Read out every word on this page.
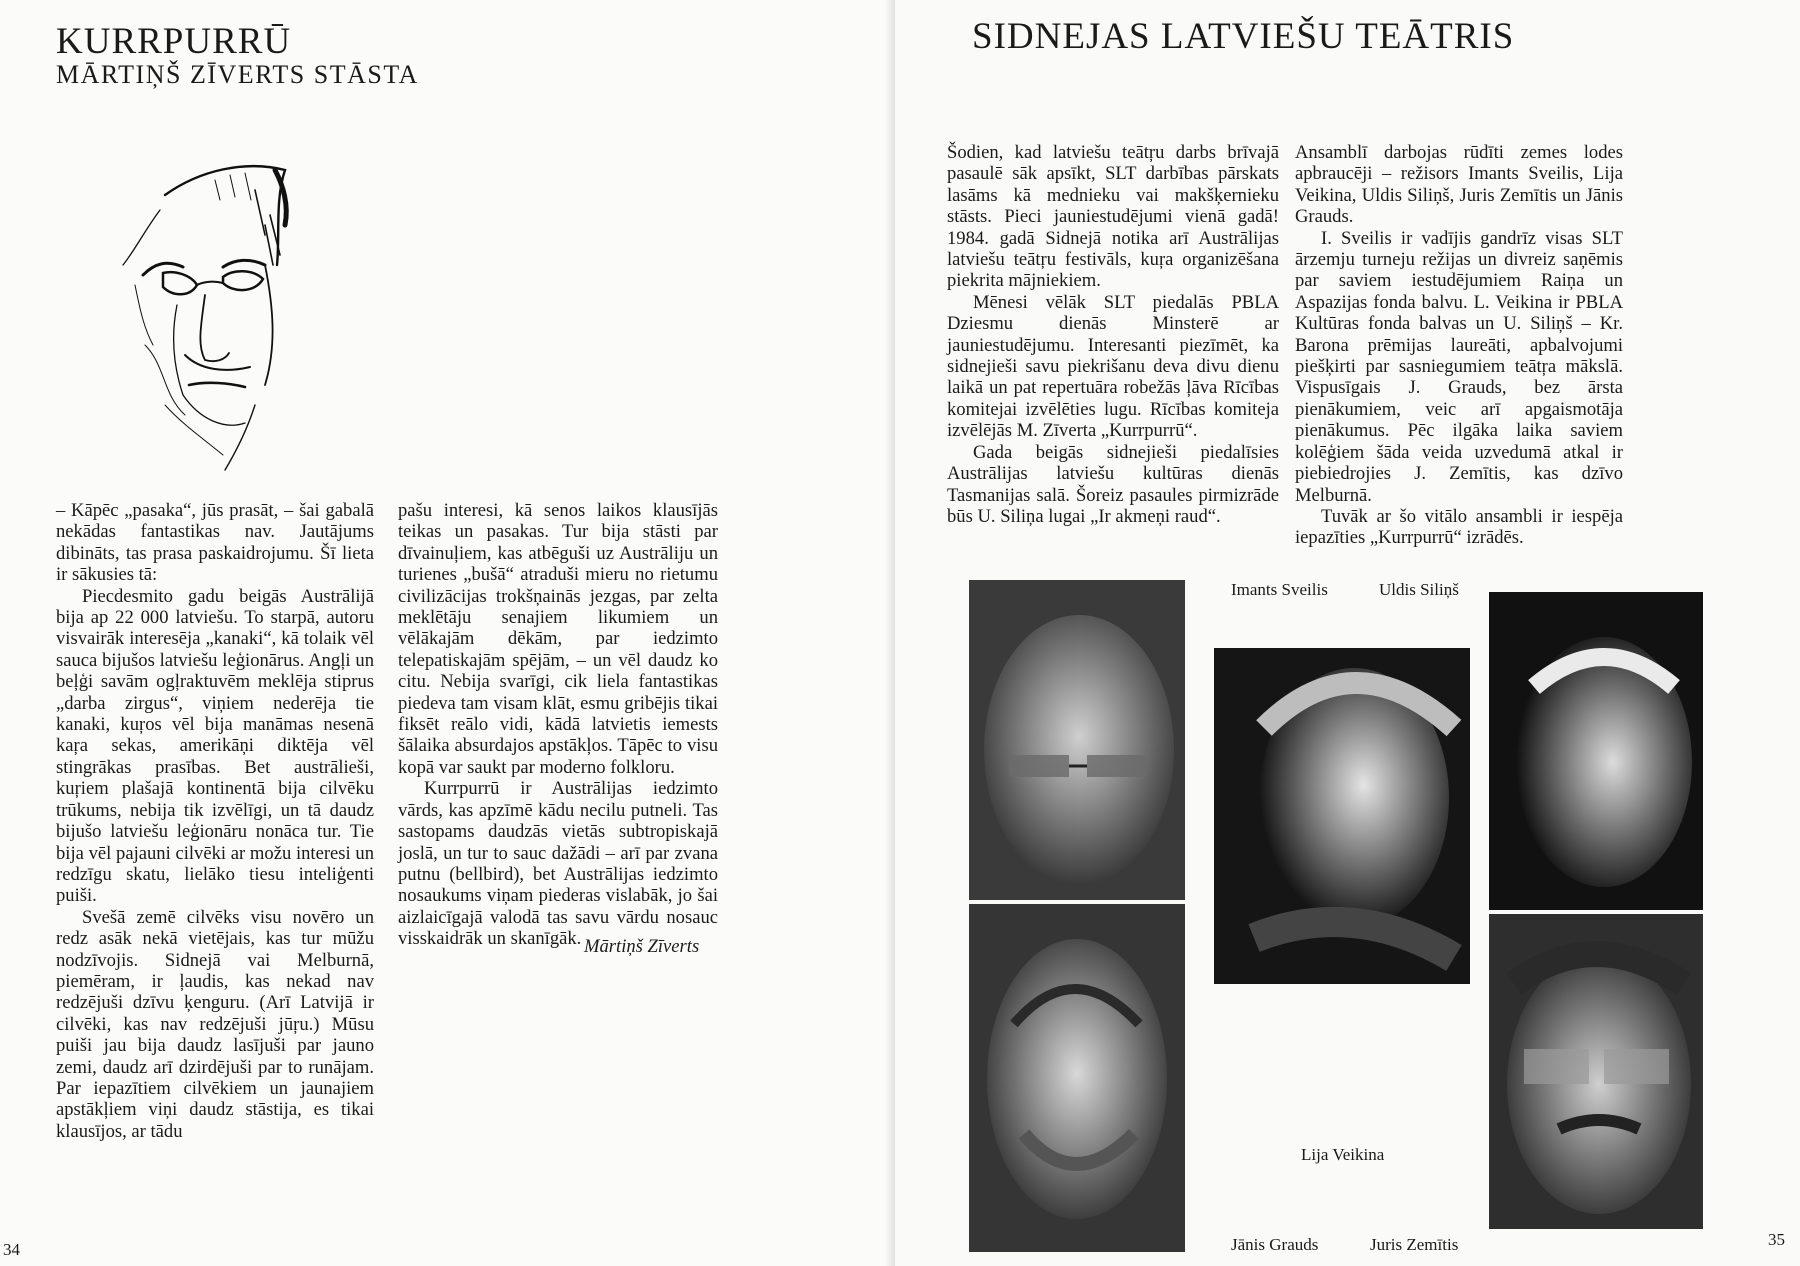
KURRPURRŪ
MĀRTIŅŠ ZĪVERTS STĀSTA

– Kāpēc „pasaka“, jūs prasāt, – šai gabalā nekādas fantastikas nav. Jautājums dibināts, tas prasa paskaidrojumu. Šī lieta ir sākusies tā:

Piecdesmito gadu beigās Austrālijā bija ap 22 000 latviešu. To starpā, autoru visvairāk interesēja „kanaki“, kā tolaik vēl sauca bijušos latviešu leģionārus. Angļi un beļģi savām ogļraktuvēm meklēja stiprus „darba zirgus“, viņiem nederēja tie kanaki, kuŗos vēl bija manāmas nesenā kaŗa sekas, amerikāņi diktēja vēl stingrākas prasības. Bet austrālieši, kuŗiem plašajā kontinentā bija cilvēku trūkums, nebija tik izvēlīgi, un tā daudz bijušo latviešu leģionāru nonāca tur. Tie bija vēl pajauni cilvēki ar možu interesi un redzīgu skatu, lielāko tiesu inteliģenti puiši.

Svešā zemē cilvēks visu novēro un redz asāk nekā vietējais, kas tur mūžu nodzīvojis. Sidnejā vai Melburnā, piemēram, ir ļaudis, kas nekad nav redzējuši dzīvu ķenguru. (Arī Latvijā ir cilvēki, kas nav redzējuši jūŗu.) Mūsu puiši jau bija daudz lasījuši par jauno zemi, daudz arī dzirdējuši par to runājam. Par iepazītiem cilvēkiem un jaunajiem apstākļiem viņi daudz stāstija, es tikai klausījos, ar tādu

pašu interesi, kā senos laikos klausījās teikas un pasakas. Tur bija stāsti par dīvainuļiem, kas atbēguši uz Austrāliju un turienes „bušā“ atraduši mieru no rietumu civilizācijas trokšņainās jezgas, par zelta meklētāju senajiem likumiem un vēlākajām dēkām, par iedzimto telepatiskajām spējām, – un vēl daudz ko citu. Nebija svarīgi, cik liela fantastikas piedeva tam visam klāt, esmu gribējis tikai fiksēt reālo vidi, kādā latvietis iemests šālaika absurdajos apstākļos. Tāpēc to visu kopā var saukt par moderno folkloru.

Kurrpurrū ir Austrālijas iedzimto vārds, kas apzīmē kādu necilu putneli. Tas sastopams daudzās vietās subtropiskajā joslā, un tur to sauc dažādi – arī par zvana putnu (bellbird), bet Austrālijas iedzimto nosaukums viņam piederas vislabāk, jo šai aizlaicīgajā valodā tas savu vārdu nosauc visskaidrāk un skanīgāk. Mārtiņš Zīverts
34
SIDNEJAS LATVIEŠU TEĀTRIS

Šodien, kad latviešu teātŗu darbs brīvajā pasaulē sāk apsīkt, SLT darbības pārskats lasāms kā mednieku vai makšķernieku stāsts. Pieci jauniestudējumi vienā gadā! 1984. gadā Sidnejā notika arī Austrālijas latviešu teātŗu festivāls, kuŗa organizēšana piekrita mājniekiem.

Mēnesi vēlāk SLT piedalās PBLA Dziesmu dienās Minsterē ar jauniestudējumu. Interesanti piezīmēt, ka sidnejieši savu piekrišanu deva divu dienu laikā un pat repertuāra robežās ļāva Rīcības komitejai izvēlēties lugu. Rīcības komiteja izvēlējās M. Zīverta „Kurrpurrū“.

Gada beigās sidnejieši piedalīsies Austrālijas latviešu kultūras dienās Tasmanijas salā. Šoreiz pasaules pirmizrāde būs U. Siliņa lugai „Ir akmeņi raud“.

Ansamblī darbojas rūdīti zemes lodes apbraucēji – režisors Imants Sveilis, Lija Veikina, Uldis Siliņš, Juris Zemītis un Jānis Grauds.

I. Sveilis ir vadījis gandrīz visas SLT ārzemju turneju režijas un divreiz saņēmis par saviem iestudējumiem Raiņa un Aspazijas fonda balvu. L. Veikina ir PBLA Kultūras fonda balvas un U. Siliņš – Kr. Barona prēmijas laureāti, apbalvojumi piešķirti par sasniegumiem teātŗa mākslā. Vispusīgais J. Grauds, bez ārsta pienākumiem, veic arī apgaismotāja pienākumus. Pēc ilgāka laika saviem kolēģiem šāda veida uzvedumā atkal ir piebiedrojies J. Zemītis, kas dzīvo Melburnā.

Tuvāk ar šo vitālo ansambli ir iespēja iepazīties „Kurrpurrū“ izrādēs.

Imants Sveilis	Uldis Siliņš
Lija Veikina
Jānis Grauds	Juris Zemītis	35
